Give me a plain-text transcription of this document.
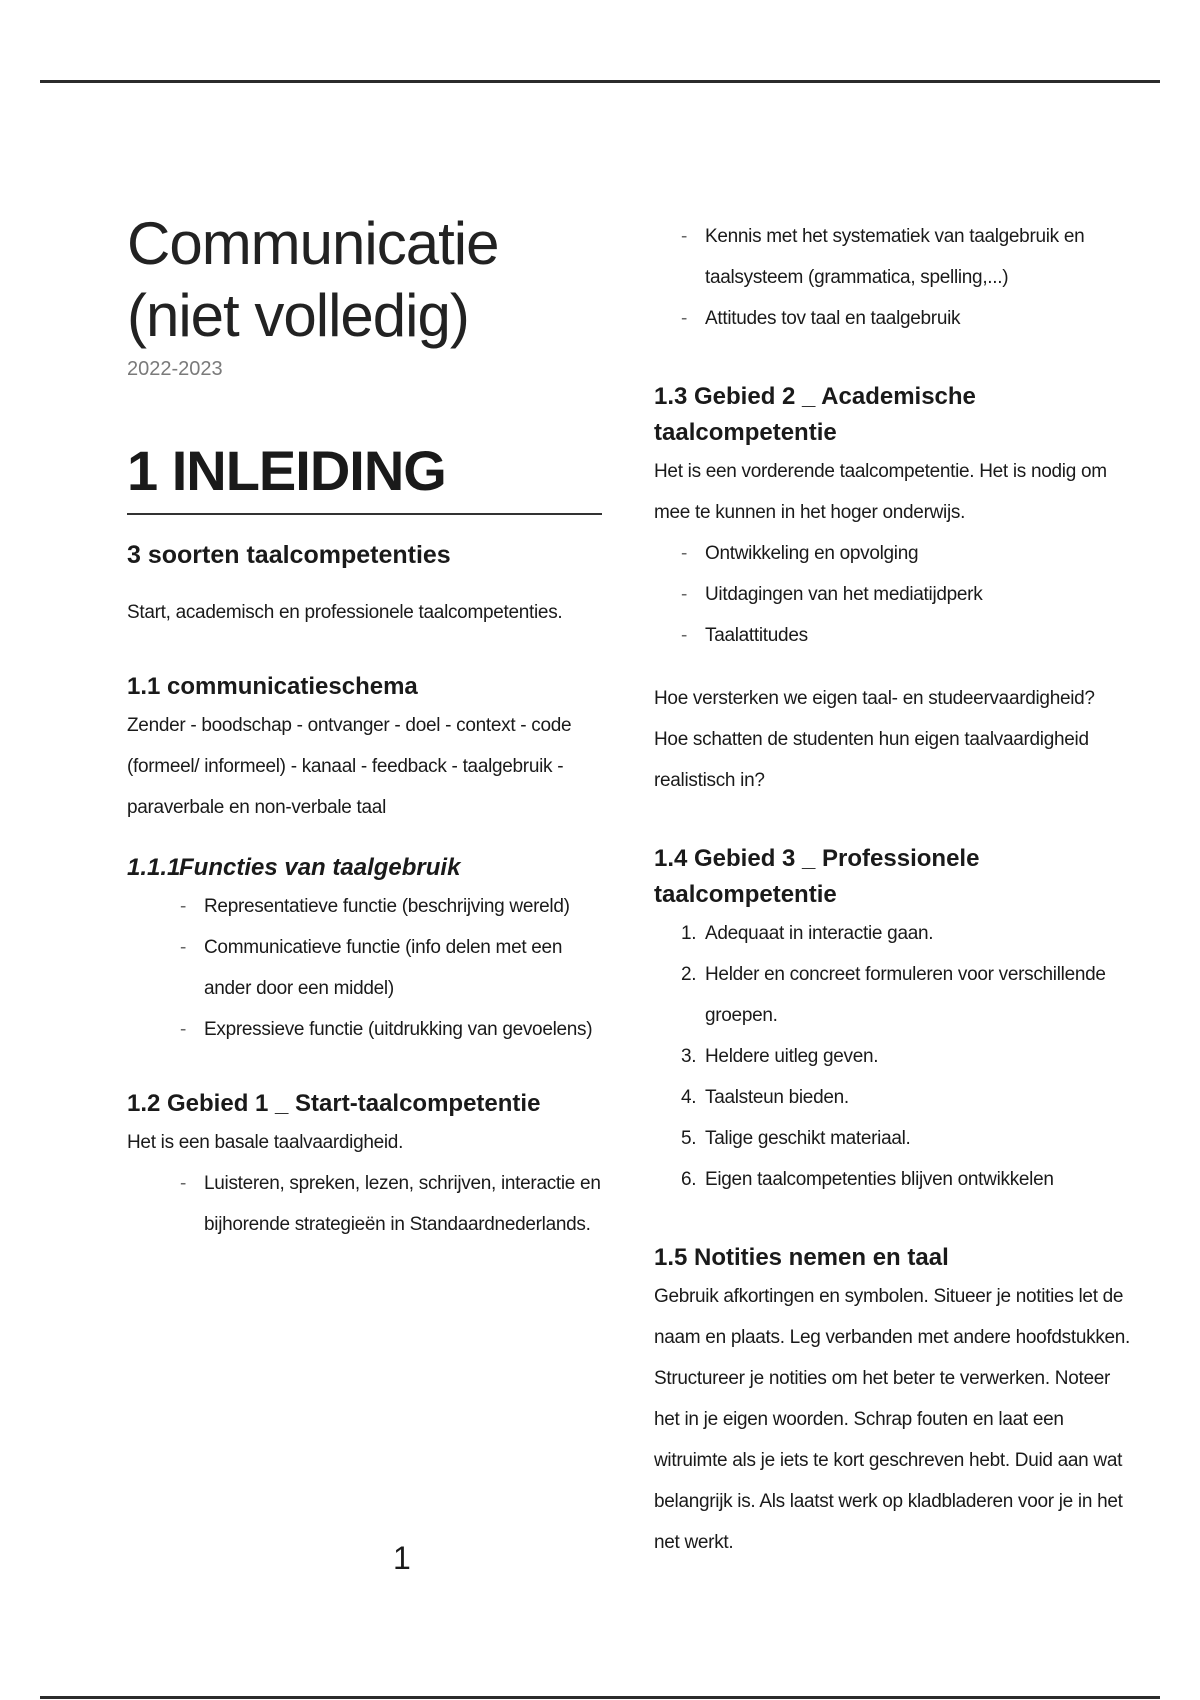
Communicatie (niet volledig)
2022-2023
1 INLEIDING
3 soorten taalcompetenties

Start, academisch en professionele taalcompetenties.

1.1 communicatieschema

Zender - boodschap - ontvanger - doel - context - code (formeel/ informeel) - kanaal - feedback - taalgebruik - paraverbale en non-verbale taal

1.1.1Functies van taalgebruik
- Representatieve functie (beschrijving wereld)
- Communicatieve functie (info delen met een ander door een middel)
- Expressieve functie (uitdrukking van gevoelens)
1.2 Gebied 1 _ Start-taalcompetentie

Het is een basale taalvaardigheid.

- Luisteren, spreken, lezen, schrijven, interactie en bijhorende strategieën in Standaardnederlands.
- Kennis met het systematiek van taalgebruik en taalsysteem (grammatica, spelling,...)
- Attitudes tov taal en taalgebruik
1.3 Gebied 2 _ Academische taalcompetentie

Het is een vorderende taalcompetentie. Het is nodig om mee te kunnen in het hoger onderwijs.

- Ontwikkeling en opvolging
- Uitdagingen van het mediatijdperk
- Taalattitudes

Hoe versterken we eigen taal- en studeervaardigheid?

Hoe schatten de studenten hun eigen taalvaardigheid realistisch in?

1.4 Gebied 3 _ Professionele taalcompetentie
1. Adequaat in interactie gaan.
2. Helder en concreet formuleren voor verschillende groepen.
3. Heldere uitleg geven.
4. Taalsteun bieden.
5. Talige geschikt materiaal.
6. Eigen taalcompetenties blijven ontwikkelen
1.5 Notities nemen en taal

Gebruik afkortingen en symbolen. Situeer je notities let de naam en plaats. Leg verbanden met andere hoofdstukken. Structureer je notities om het beter te verwerken. Noteer het in je eigen woorden. Schrap fouten en laat een witruimte als je iets te kort geschreven hebt. Duid aan wat belangrijk is. Als laatst werk op kladbladeren voor je in het net werkt.

1
